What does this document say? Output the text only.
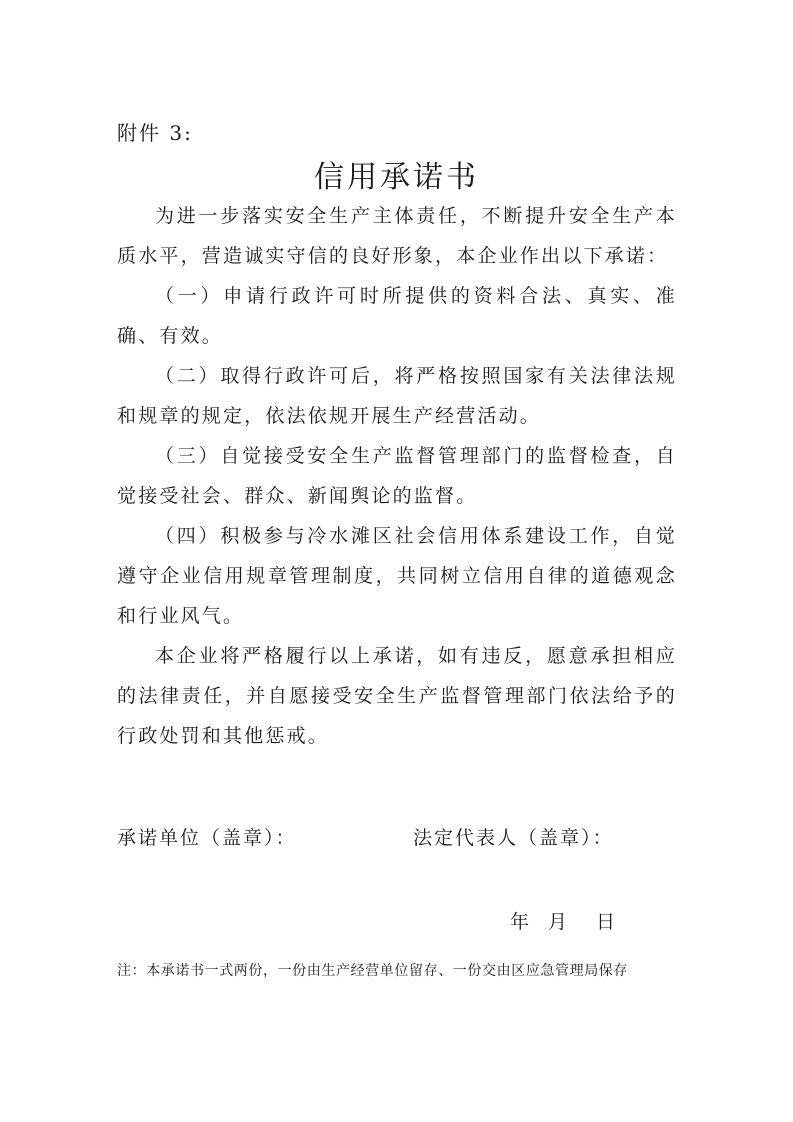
附件 3:
信用承诺书

为进一步落实安全生产主体责任，不断提升安全生产本质水平，营造诚实守信的良好形象，本企业作出以下承诺：

（一）申请行政许可时所提供的资料合法、真实、准确、有效。

（二）取得行政许可后，将严格按照国家有关法律法规和规章的规定，依法依规开展生产经营活动。

（三）自觉接受安全生产监督管理部门的监督检查，自觉接受社会、群众、新闻舆论的监督。

（四）积极参与冷水滩区社会信用体系建设工作，自觉遵守企业信用规章管理制度，共同树立信用自律的道德观念和行业风气。

本企业将严格履行以上承诺，如有违反，愿意承担相应的法律责任，并自愿接受安全生产监督管理部门依法给予的行政处罚和其他惩戒。

承诺单位（盖章）：	法定代表人（盖章）：
年 月 日
注：本承诺书一式两份，一份由生产经营单位留存、一份交由区应急管理局保存
